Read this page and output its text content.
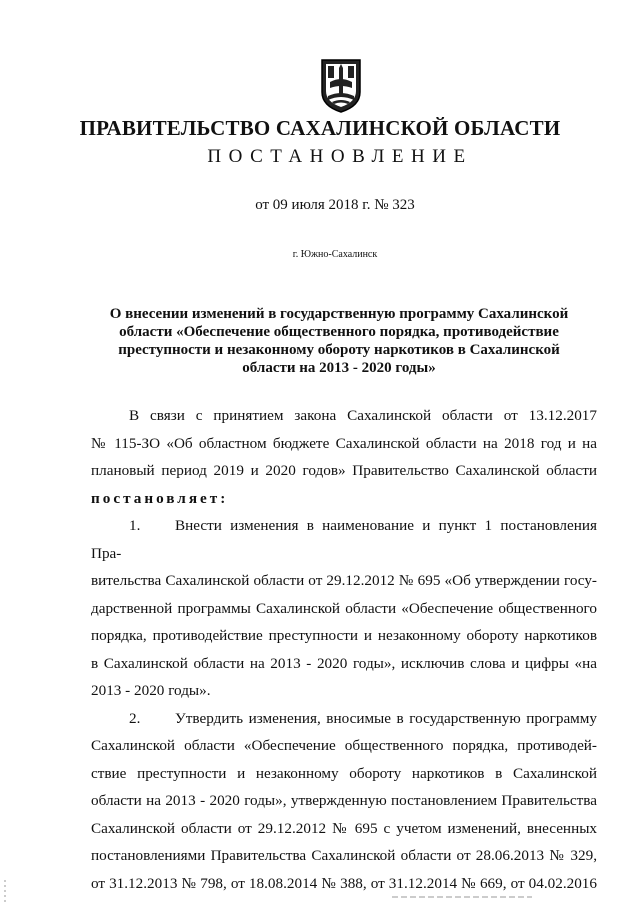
ПРАВИТЕЛЬСТВО САХАЛИНСКОЙ ОБЛАСТИ
ПОСТАНОВЛЕНИЕ
от 09 июля 2018 г. № 323
г. Южно-Сахалинск
О внесении изменений в государственную программу Сахалинской
области «Обеспечение общественного порядка, противодействие
преступности и незаконному обороту наркотиков в Сахалинской
области на 2013 - 2020 годы»

В связи с принятием закона Сахалинской области от 13.12.2017

№ 115-ЗО «Об областном бюджете Сахалинской области на 2018 год и на

плановый период 2019 и 2020 годов» Правительство Сахалинской области

постановляет:

1. Внести изменения в наименование и пункт 1 постановления Пра-

вительства Сахалинской области от 29.12.2012 № 695 «Об утверждении госу-

дарственной программы Сахалинской области «Обеспечение общественного

порядка, противодействие преступности и незаконному обороту наркотиков

в Сахалинской области на 2013 - 2020 годы», исключив слова и цифры «на

2013 - 2020 годы».

2. Утвердить изменения, вносимые в государственную программу

Сахалинской области «Обеспечение общественного порядка, противодей-

ствие преступности и незаконному обороту наркотиков в Сахалинской

области на 2013 - 2020 годы», утвержденную постановлением Правительства

Сахалинской области от 29.12.2012 № 695 с учетом изменений, внесенных

постановлениями Правительства Сахалинской области от 28.06.2013 № 329,

от 31.12.2013 № 798, от 18.08.2014 № 388, от 31.12.2014 № 669, от 04.02.2016
